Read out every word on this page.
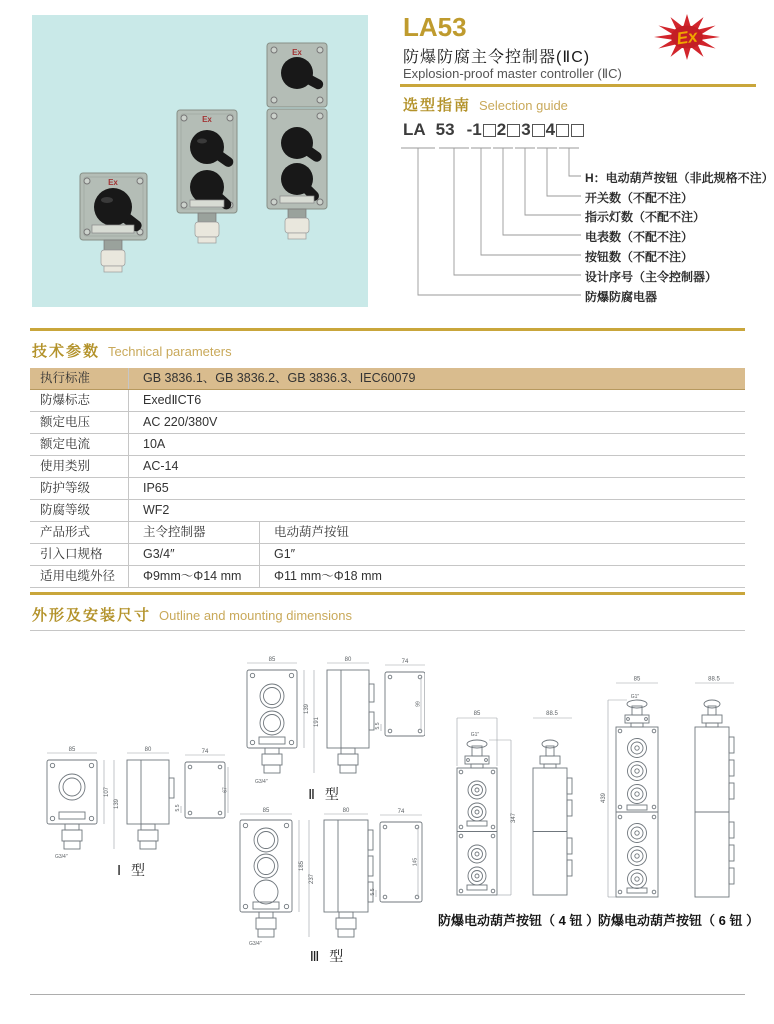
Ex
Ex
Ex
LA53
防爆防腐主令控制器(ⅡC)
Explosion-proof master controller (ⅡC)
Ex
选型指南 Selection guide
LA 53 -1 2 3 4
H：电动葫芦按钮（非此规格不注）
开关数（不配不注）
指示灯数（不配不注）
电表数（不配不注）
按钮数（不配不注）
设计序号（主令控制器）
防爆防腐电器
技术参数 Technical parameters
执行标准	GB 3836.1、GB 3836.2、GB 3836.3、IEC60079
防爆标志	ExedⅡCT6
额定电压	AC 220/380V
额定电流	10A
使用类别	AC-14
防护等级	IP65
防腐等级	WF2
产品形式	主令控制器	电动葫芦按钮
引入口规格	G3/4″	G1″
适用电缆外径	Φ9mm～Φ14 mm	Φ11 mm～Φ18 mm
外形及安装尺寸 Outline and mounting dimensions
85
107
139
G3/4″
80	74
67
5.5
Ⅰ 型
85
139
191
G3/4″
80	74
99
5.5
Ⅱ 型
85
185
237
G3/4″
80	74
145
5.5
Ⅲ 型
G1″
85
347
88.5
防爆电动葫芦按钮（ 4 钮 ）
G1″
85
439
88.5
防爆电动葫芦按钮（ 6 钮 ）
